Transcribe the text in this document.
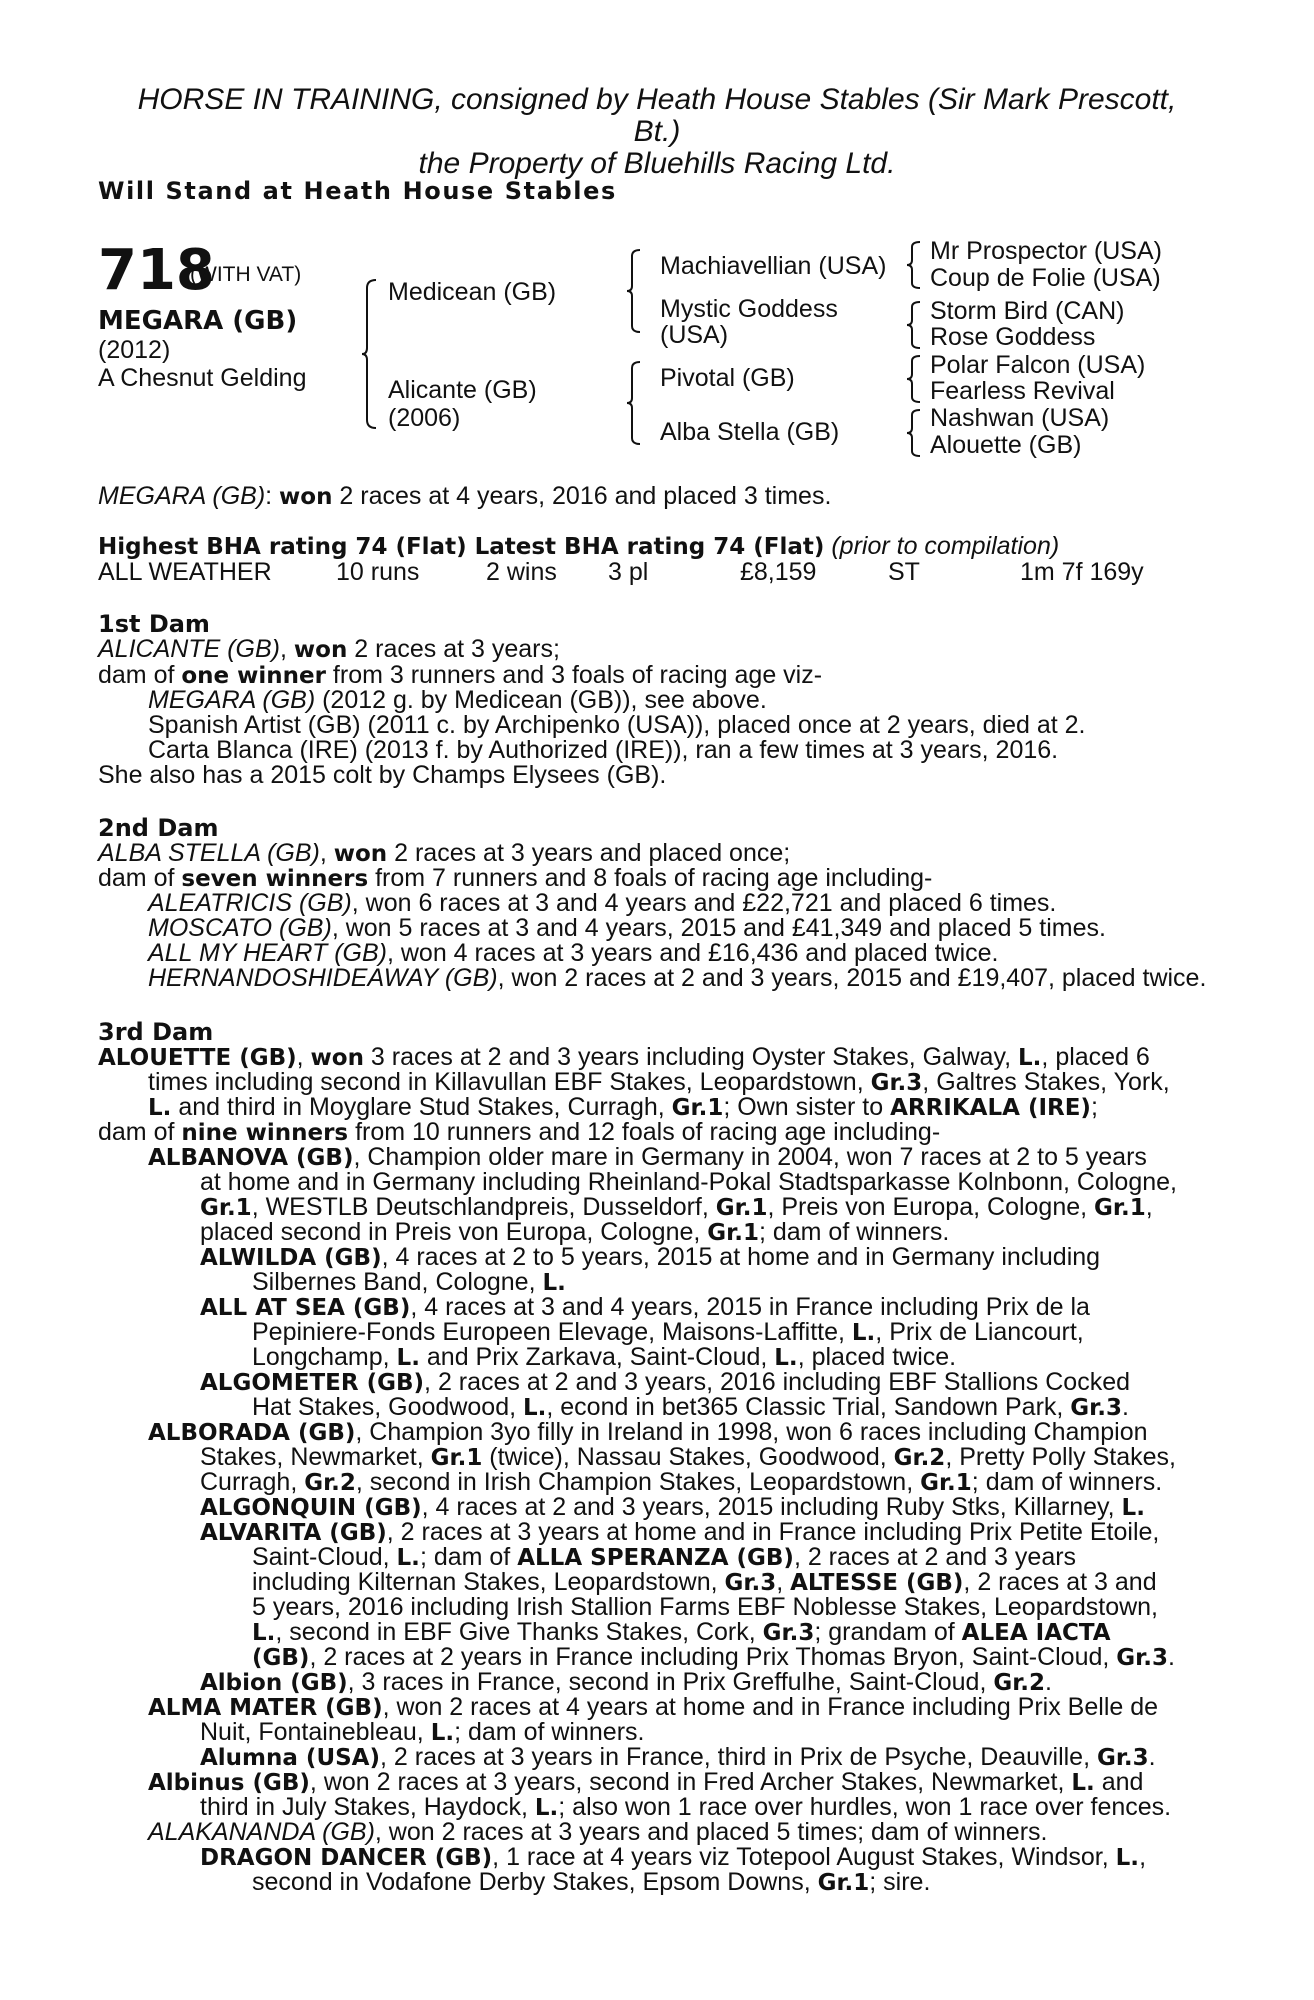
HORSE IN TRAINING, consigned by Heath House Stables (Sir Mark Prescott,
Bt.)
the Property of Bluehills Racing Ltd.
Will Stand at Heath House Stables
718
(WITH VAT)
MEGARA (GB)
(2012)
A Chesnut Gelding
Medicean (GB)
Alicante (GB)
(2006)
Machiavellian (USA)
Mystic Goddess
(USA)
Pivotal (GB)
Alba Stella (GB)
Mr Prospector (USA)
Coup de Folie (USA)
Storm Bird (CAN)
Rose Goddess
Polar Falcon (USA)
Fearless Revival
Nashwan (USA)
Alouette (GB)
MEGARA (GB): won 2 races at 4 years, 2016 and placed 3 times.
Highest BHA rating 74 (Flat) Latest BHA rating 74 (Flat) (prior to compilation)
ALL WEATHER	10 runs	2 wins 3 pl	£8,159	ST	1m 7f 169y
1st Dam
ALICANTE (GB), won 2 races at 3 years;
dam of one winner from 3 runners and 3 foals of racing age viz-
MEGARA (GB) (2012 g. by Medicean (GB)), see above.
Spanish Artist (GB) (2011 c. by Archipenko (USA)), placed once at 2 years, died at 2.
Carta Blanca (IRE) (2013 f. by Authorized (IRE)), ran a few times at 3 years, 2016.
She also has a 2015 colt by Champs Elysees (GB).
2nd Dam
ALBA STELLA (GB), won 2 races at 3 years and placed once;
dam of seven winners from 7 runners and 8 foals of racing age including-
ALEATRICIS (GB), won 6 races at 3 and 4 years and £22,721 and placed 6 times.
MOSCATO (GB), won 5 races at 3 and 4 years, 2015 and £41,349 and placed 5 times.
ALL MY HEART (GB), won 4 races at 3 years and £16,436 and placed twice.
HERNANDOSHIDEAWAY (GB), won 2 races at 2 and 3 years, 2015 and £19,407, placed twice.
3rd Dam
ALOUETTE (GB), won 3 races at 2 and 3 years including Oyster Stakes, Galway, L., placed 6
times including second in Killavullan EBF Stakes, Leopardstown, Gr.3, Galtres Stakes, York,
L. and third in Moyglare Stud Stakes, Curragh, Gr.1; Own sister to ARRIKALA (IRE);
dam of nine winners from 10 runners and 12 foals of racing age including-
ALBANOVA (GB), Champion older mare in Germany in 2004, won 7 races at 2 to 5 years
at home and in Germany including Rheinland-Pokal Stadtsparkasse Kolnbonn, Cologne,
Gr.1, WESTLB Deutschlandpreis, Dusseldorf, Gr.1, Preis von Europa, Cologne, Gr.1,
placed second in Preis von Europa, Cologne, Gr.1; dam of winners.
ALWILDA (GB), 4 races at 2 to 5 years, 2015 at home and in Germany including
Silbernes Band, Cologne, L.
ALL AT SEA (GB), 4 races at 3 and 4 years, 2015 in France including Prix de la
Pepiniere-Fonds Europeen Elevage, Maisons-Laffitte, L., Prix de Liancourt,
Longchamp, L. and Prix Zarkava, Saint-Cloud, L., placed twice.
ALGOMETER (GB), 2 races at 2 and 3 years, 2016 including EBF Stallions Cocked
Hat Stakes, Goodwood, L., econd in bet365 Classic Trial, Sandown Park, Gr.3.
ALBORADA (GB), Champion 3yo filly in Ireland in 1998, won 6 races including Champion
Stakes, Newmarket, Gr.1 (twice), Nassau Stakes, Goodwood, Gr.2, Pretty Polly Stakes,
Curragh, Gr.2, second in Irish Champion Stakes, Leopardstown, Gr.1; dam of winners.
ALGONQUIN (GB), 4 races at 2 and 3 years, 2015 including Ruby Stks, Killarney, L.
ALVARITA (GB), 2 races at 3 years at home and in France including Prix Petite Etoile,
Saint-Cloud, L.; dam of ALLA SPERANZA (GB), 2 races at 2 and 3 years
including Kilternan Stakes, Leopardstown, Gr.3, ALTESSE (GB), 2 races at 3 and
5 years, 2016 including Irish Stallion Farms EBF Noblesse Stakes, Leopardstown,
L., second in EBF Give Thanks Stakes, Cork, Gr.3; grandam of ALEA IACTA
(GB), 2 races at 2 years in France including Prix Thomas Bryon, Saint-Cloud, Gr.3.
Albion (GB), 3 races in France, second in Prix Greffulhe, Saint-Cloud, Gr.2.
ALMA MATER (GB), won 2 races at 4 years at home and in France including Prix Belle de
Nuit, Fontainebleau, L.; dam of winners.
Alumna (USA), 2 races at 3 years in France, third in Prix de Psyche, Deauville, Gr.3.
Albinus (GB), won 2 races at 3 years, second in Fred Archer Stakes, Newmarket, L. and
third in July Stakes, Haydock, L.; also won 1 race over hurdles, won 1 race over fences.
ALAKANANDA (GB), won 2 races at 3 years and placed 5 times; dam of winners.
DRAGON DANCER (GB), 1 race at 4 years viz Totepool August Stakes, Windsor, L.,
second in Vodafone Derby Stakes, Epsom Downs, Gr.1; sire.
